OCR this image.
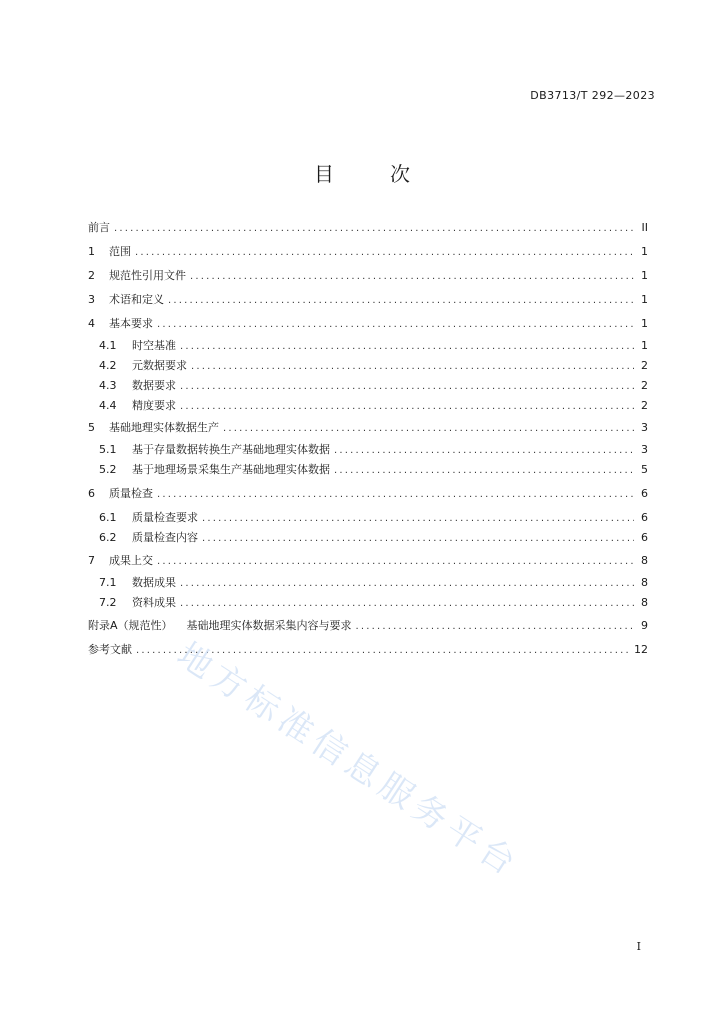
DB3713/T 292—2023
目　次
前言 .....	II
1	范围 .....	1
2	规范性引用文件 .....	1
3	术语和定义 .....	1
4	基本要求 .....	1
4.1	时空基准 .....	1
4.2	元数据要求 .....	2
4.3	数据要求 .....	2
4.4	精度要求 .....	2
5	基础地理实体数据生产 .....	3
5.1	基于存量数据转换生产基础地理实体数据 .....	3
5.2	基于地理场景采集生产基础地理实体数据 .....	5
6	质量检查 .....	6
6.1	质量检查要求 .....	6
6.2	质量检查内容 .....	6
7	成果上交 .....	8
7.1	数据成果 .....	8
7.2	资料成果 .....	8
附录A（规范性） 基础地理实体数据采集内容与要求 .....	9
参考文献 .....	12
地方标准信息服务平台
I
